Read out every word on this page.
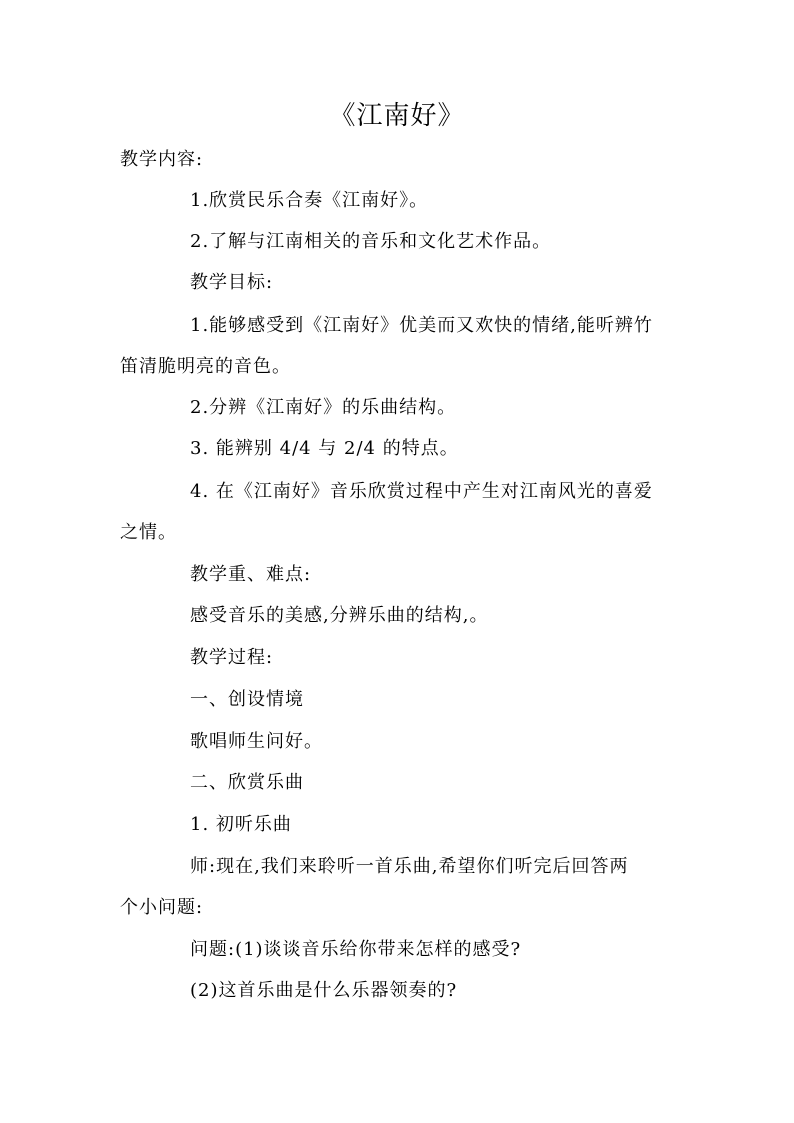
《江南好》
教学内容:
1.欣赏民乐合奏《江南好》。
2.了解与江南相关的音乐和文化艺术作品。
教学目标:
1.能够感受到《江南好》优美而又欢快的情绪,能听辨竹
笛清脆明亮的音色。
2.分辨《江南好》的乐曲结构。
3. 能辨别 4/4 与 2/4 的特点。
4. 在《江南好》音乐欣赏过程中产生对江南风光的喜爱
之情。
教学重、难点:
感受音乐的美感,分辨乐曲的结构,。
教学过程:
一、创设情境
歌唱师生问好。
二、欣赏乐曲
1. 初听乐曲
师:现在,我们来聆听一首乐曲,希望你们听完后回答两
个小问题:
问题:(1)谈谈音乐给你带来怎样的感受?
(2)这首乐曲是什么乐器领奏的?
